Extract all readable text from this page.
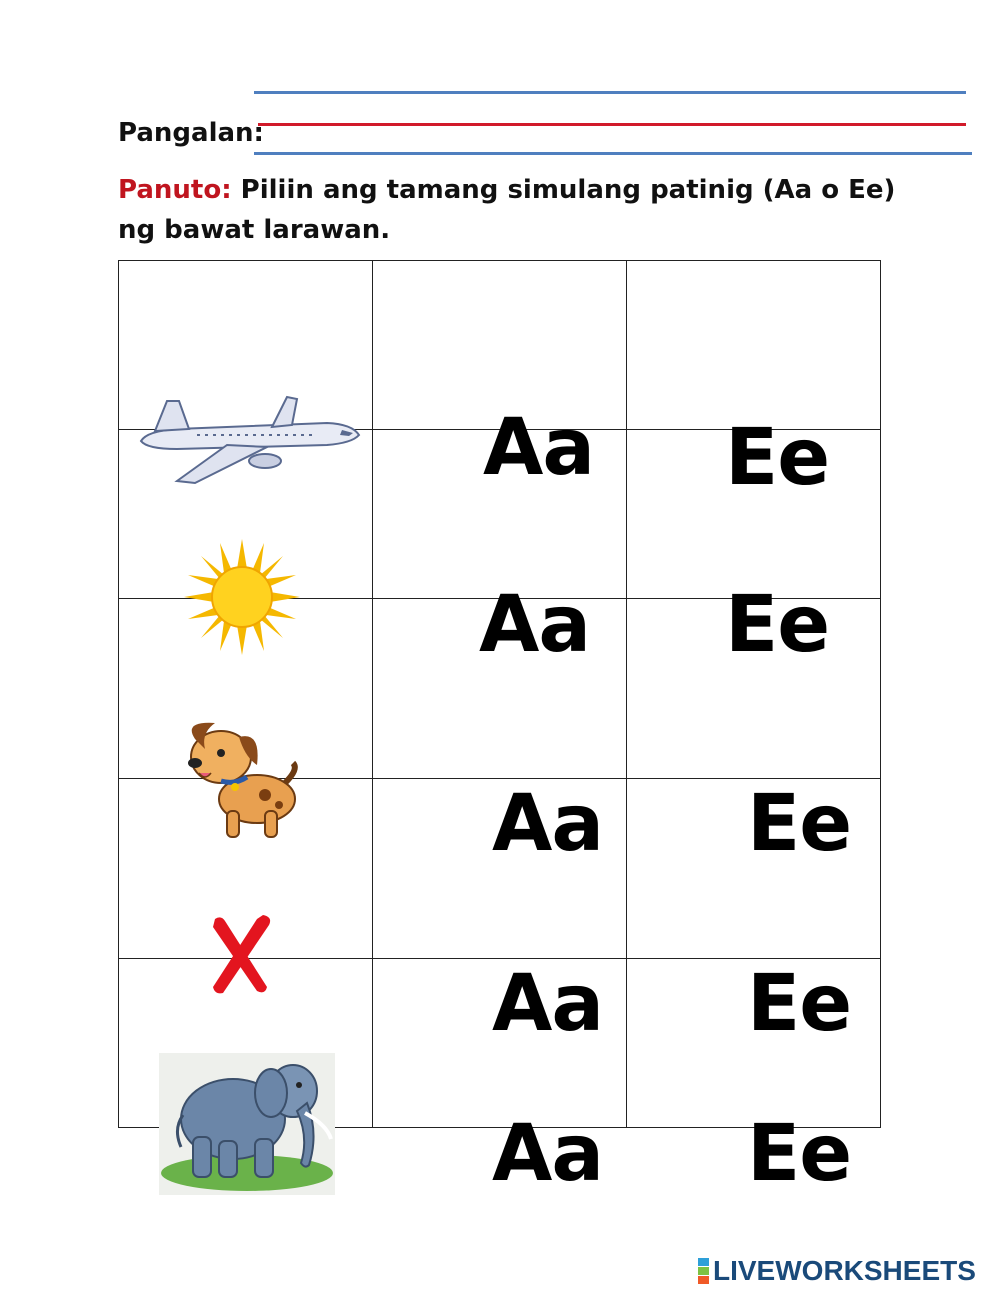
Pangalan:
Panuto: Piliin ang tamang simulang patinig (Aa o Ee) ng bawat larawan.

Aa	Ee

Aa	Ee

Aa	Ee

Aa	Ee

Aa	Ee
LIVEWORKSHEETS
